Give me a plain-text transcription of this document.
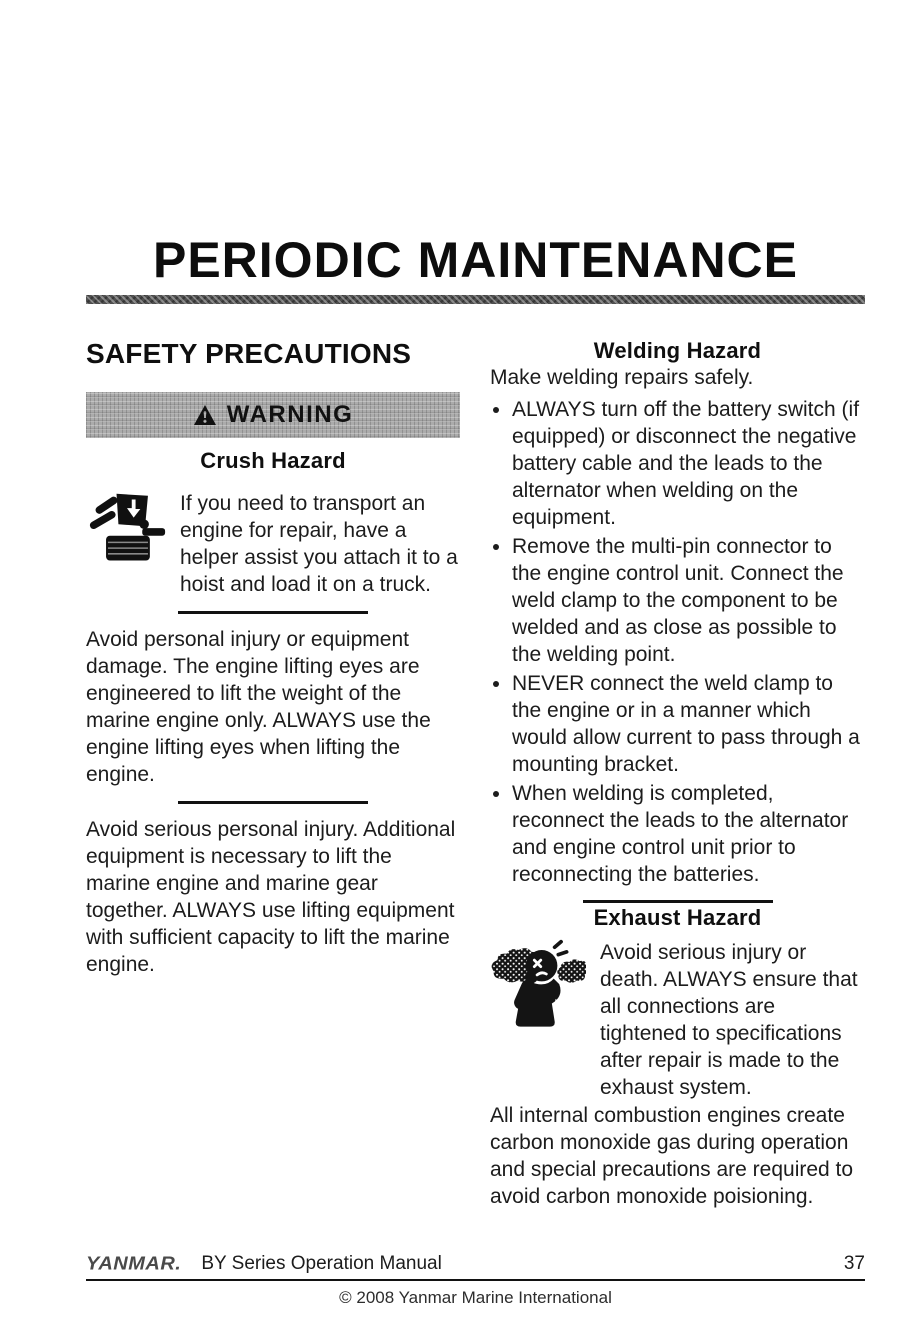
PERIODIC MAINTENANCE
SAFETY PRECAUTIONS
WARNING
Crush Hazard

If you need to transport an engine for repair, have a helper assist you attach it to a hoist and load it on a truck.

Avoid personal injury or equipment damage. The engine lifting eyes are engineered to lift the weight of the marine engine only. ALWAYS use the engine lifting eyes when lifting the engine.

Avoid serious personal injury. Additional equipment is necessary to lift the marine engine and marine gear together. ALWAYS use lifting equipment with sufficient capacity to lift the marine engine.

Welding Hazard

Make welding repairs safely.

• ALWAYS turn off the battery switch (if equipped) or disconnect the negative battery cable and the leads to the alternator when welding on the equipment.
• Remove the multi-pin connector to the engine control unit. Connect the weld clamp to the component to be welded and as close as possible to the welding point.
• NEVER connect the weld clamp to the engine or in a manner which would allow current to pass through a mounting bracket.
• When welding is completed, reconnect the leads to the alternator and engine control unit prior to reconnecting the batteries.
Exhaust Hazard

Avoid serious injury or death. ALWAYS ensure that all connections are tightened to specifications after repair is made to the exhaust system.

All internal combustion engines create carbon monoxide gas during operation and special precautions are required to avoid carbon monoxide poisioning.

YANMAR. BY Series Operation Manual	37
© 2008 Yanmar Marine International
